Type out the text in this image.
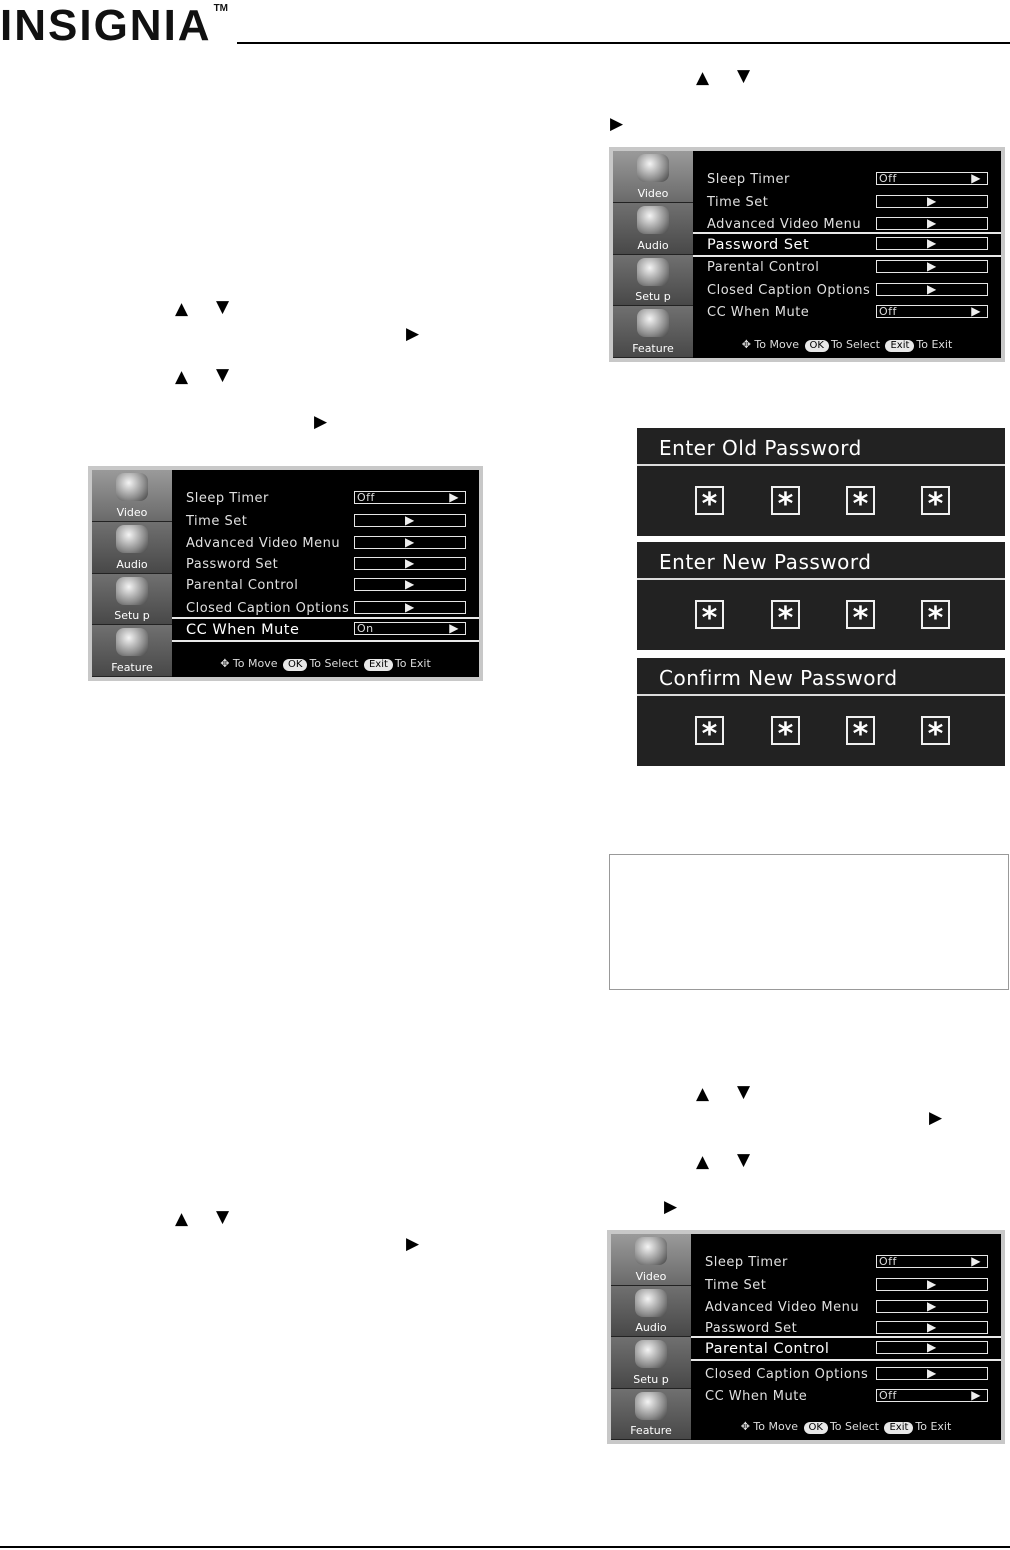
INSIGNIA ™
▲ ▼
▶
▲ ▼
▶
Video
Audio
Setu p
Feature
Sleep Timer	Off	▶
Time Set	▶
Advanced Video Menu	▶
Password Set	▶
Parental Control	▶
Closed Caption Options	▶
CC When Mute	On	▶
✥ To Move OK To Select Exit To Exit
▲ ▼
▶
Video
Audio
Setu p
Feature
Sleep Timer	Off	▶
Time Set	▶
Advanced Video Menu	▶
Password Set	▶
Parental Control	▶
Closed Caption Options	▶
CC When Mute	Off	▶
✥ To Move OK To Select Exit To Exit
Enter Old Password
* * * *
Enter New Password
* * * *
Confirm New Password
* * * *
▲ ▼
▶
▲ ▼
▶
▲ ▼
▶
Video
Audio
Setu p
Feature
Sleep Timer	Off	▶
Time Set	▶
Advanced Video Menu	▶
Password Set	▶
Parental Control	▶
Closed Caption Options	▶
CC When Mute	Off	▶
✥ To Move OK To Select Exit To Exit
